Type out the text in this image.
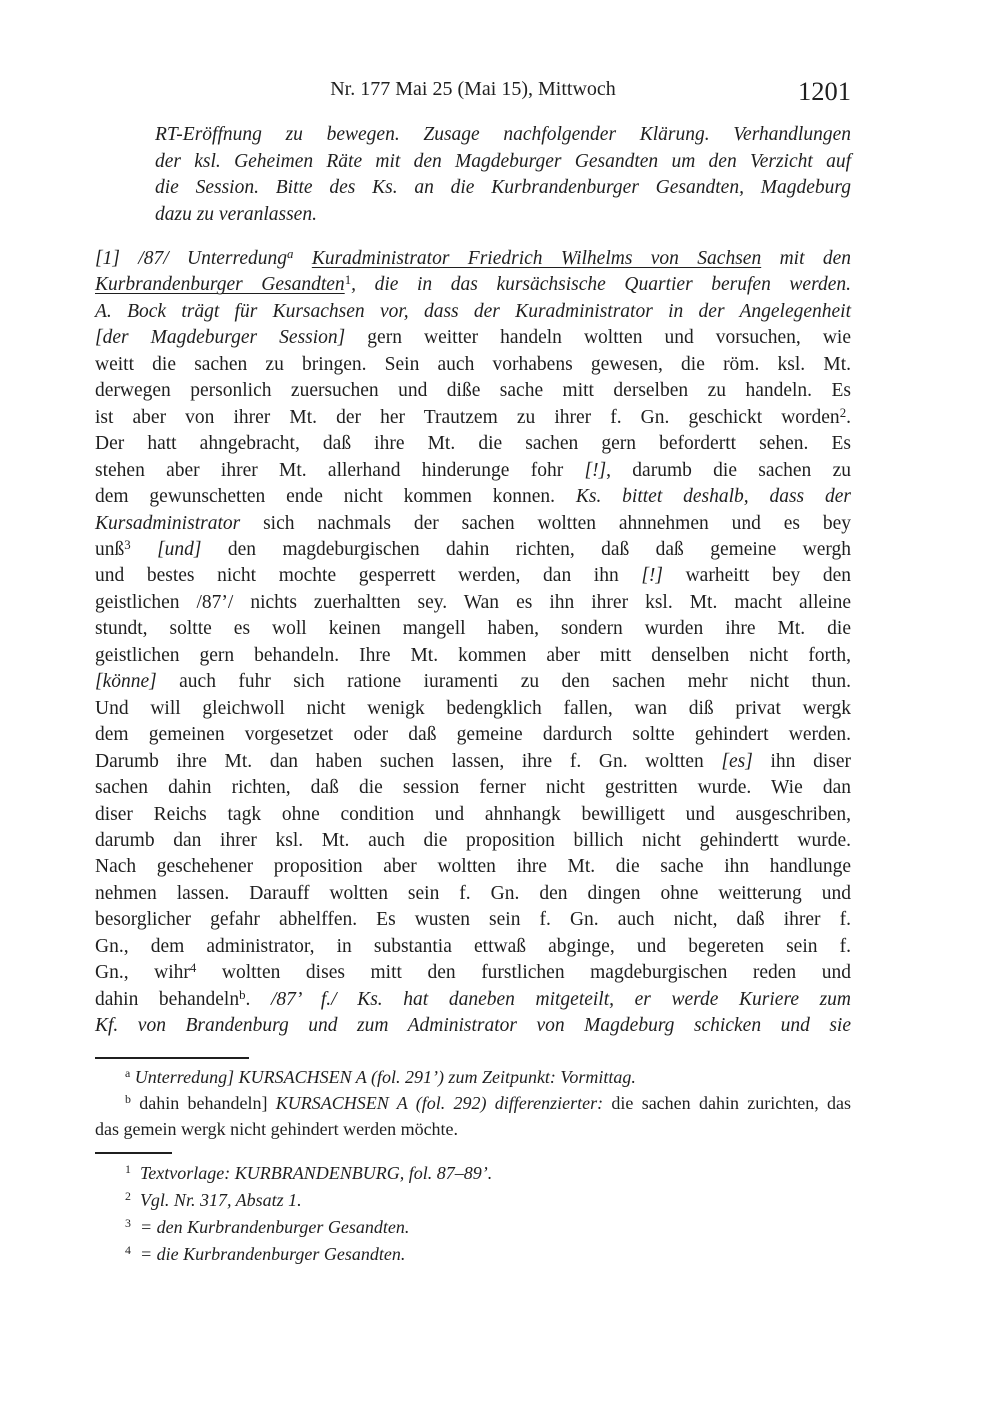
Nr. 177 Mai 25 (Mai 15), Mittwoch	1201
RT-Eröffnung zu bewegen. Zusage nachfolgender Klärung. Verhandlungen
der ksl. Geheimen Räte mit den Magdeburger Gesandten um den Verzicht auf
die Session. Bitte des Ks. an die Kurbrandenburger Gesandten, Magdeburg
dazu zu veranlassen.
[1] /87/ Unterredung$^a$ Kuradministrator Friedrich Wilhelms von Sachsen mit den
Kurbrandenburger Gesandten$^1$, die in das kursächsische Quartier berufen werden.
A. Bock trägt für Kursachsen vor, dass der Kuradministrator in der Angelegenheit
[der Magdeburger Session] gern weitter handeln woltten und vorsuchen, wie
weitt die sachen zu bringen. Sein auch vorhabens gewesen, die röm. ksl. Mt.
derwegen personlich zuersuchen und diße sache mitt derselben zu handeln. Es
ist aber von ihrer Mt. der her Trautzem zu ihrer f. Gn. geschickt worden$^2$.
Der hatt ahngebracht, daß ihre Mt. die sachen gern befordertt sehen. Es
stehen aber ihrer Mt. allerhand hinderunge fohr [!], darumb die sachen zu
dem gewunschetten ende nicht kommen konnen. Ks. bittet deshalb, dass der
Kursadministrator sich nachmals der sachen woltten ahnnehmen und es bey
unß$^3$ [und] den magdeburgischen dahin richten, daß daß gemeine wergh
und bestes nicht mochte gesperrett werden, dan ihn [!] warheitt bey den
geistlichen /87’/ nichts zuerhaltten sey. Wan es ihn ihrer ksl. Mt. macht alleine
stundt, soltte es woll keinen mangell haben, sondern wurden ihre Mt. die
geistlichen gern behandeln. Ihre Mt. kommen aber mitt denselben nicht forth,
[könne] auch fuhr sich ratione iuramenti zu den sachen mehr nicht thun.
Und will gleichwoll nicht wenigk bedengklich fallen, wan diß privat wergk
dem gemeinen vorgesetzet oder daß gemeine dardurch soltte gehindert werden.
Darumb ihre Mt. dan haben suchen lassen, ihre f. Gn. woltten [es] ihn diser
sachen dahin richten, daß die session ferner nicht gestritten wurde. Wie dan
diser Reichs tagk ohne condition und ahnhangk bewilligett und ausgeschriben,
darumb dan ihrer ksl. Mt. auch die proposition billich nicht gehindertt wurde.
Nach geschehener proposition aber woltten ihre Mt. die sache ihn handlunge
nehmen lassen. Darauff woltten sein f. Gn. den dingen ohne weitterung und
besorglicher gefahr abhelffen. Es wusten sein f. Gn. auch nicht, daß ihrer f.
Gn., dem administrator, in substantia ettwaß abginge, und begereten sein f.
Gn., wihr$^4$ woltten dises mitt den furstlichen magdeburgischen reden und
dahin behandeln$^b$. /87’ f./ Ks. hat daneben mitgeteilt, er werde Kuriere zum
Kf. von Brandenburg und zum Administrator von Magdeburg schicken und sie
$^a$ Unterredung] KURSACHSEN A (fol. 291’) zum Zeitpunkt: Vormittag.
$^b$ dahin behandeln] KURSACHSEN A (fol. 292) differenzierter: die sachen dahin zurichten, das
das gemein wergk nicht gehindert werden möchte.
$^1$ Textvorlage: KURBRANDENBURG, fol. 87–89’.
$^2$ Vgl. Nr. 317, Absatz 1.
$^3$ = den Kurbrandenburger Gesandten.
$^4$ = die Kurbrandenburger Gesandten.
